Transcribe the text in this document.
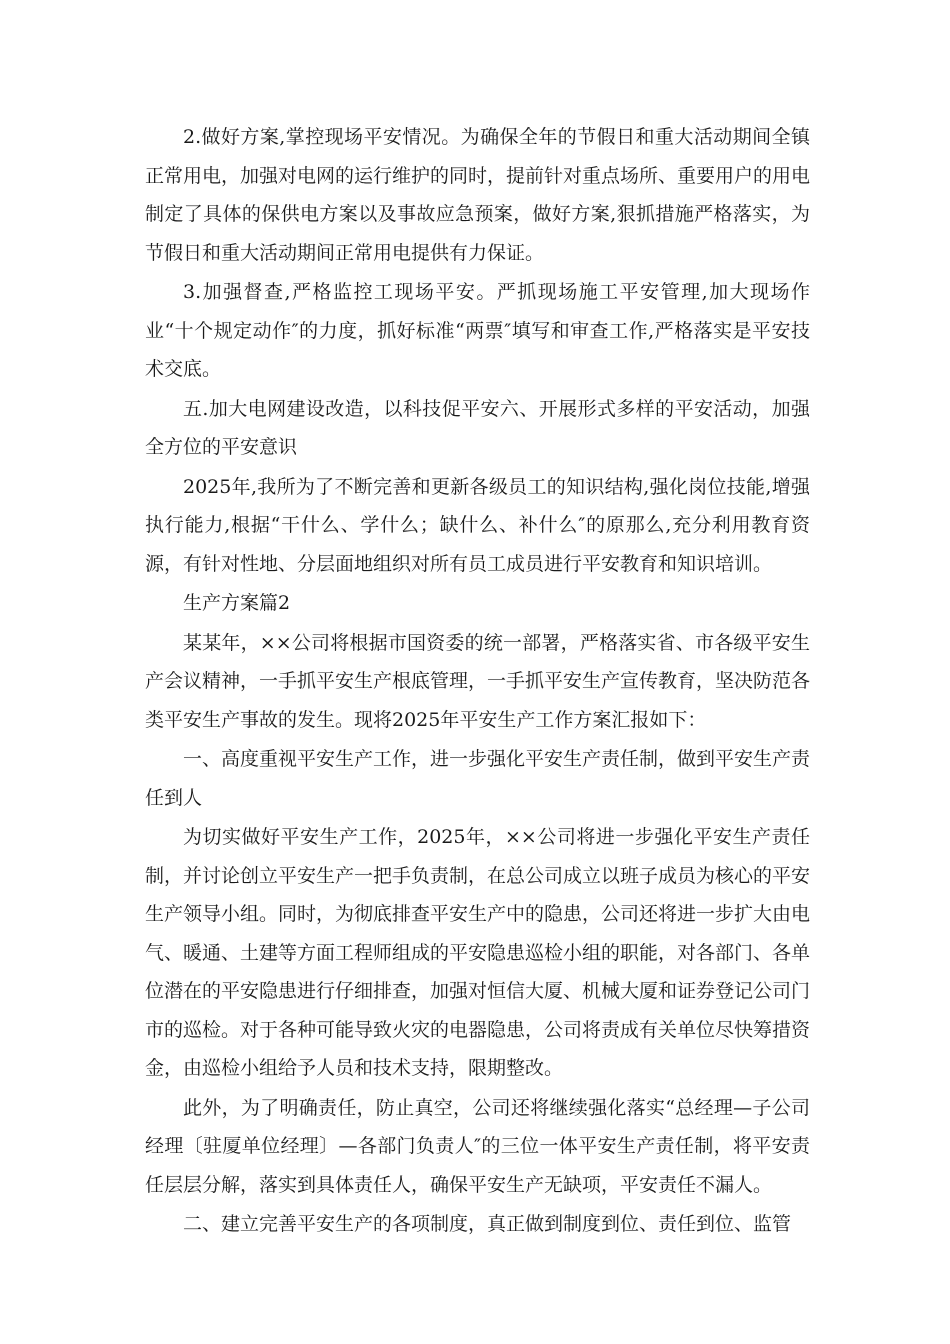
2.做好方案,掌控现场平安情况。为确保全年的节假日和重大活动期间全镇正常用电，加强对电网的运行维护的同时，提前针对重点场所、重要用户的用电制定了具体的保供电方案以及事故应急预案，做好方案,狠抓措施严格落实，为节假日和重大活动期间正常用电提供有力保证。

3.加强督查,严格监控工现场平安。严抓现场施工平安管理,加大现场作业“十个规定动作″的力度，抓好标准“两票″填写和审查工作,严格落实是平安技术交底。

五.加大电网建设改造，以科技促平安六、开展形式多样的平安活动，加强全方位的平安意识

2025年,我所为了不断完善和更新各级员工的知识结构,强化岗位技能,增强执行能力,根据“干什么、学什么；缺什么、补什么″的原那么,充分利用教育资源，有针对性地、分层面地组织对所有员工成员进行平安教育和知识培训。

生产方案篇2

某某年，××公司将根据市国资委的统一部署，严格落实省、市各级平安生产会议精神，一手抓平安生产根底管理，一手抓平安生产宣传教育，坚决防范各类平安生产事故的发生。现将2025年平安生产工作方案汇报如下：

一、高度重视平安生产工作，进一步强化平安生产责任制，做到平安生产责任到人

为切实做好平安生产工作，2025年，××公司将进一步强化平安生产责任制，并讨论创立平安生产一把手负责制，在总公司成立以班子成员为核心的平安生产领导小组。同时，为彻底排查平安生产中的隐患，公司还将进一步扩大由电气、暖通、土建等方面工程师组成的平安隐患巡检小组的职能，对各部门、各单位潜在的平安隐患进行仔细排查，加强对恒信大厦、机械大厦和证券登记公司门市的巡检。对于各种可能导致火灾的电器隐患，公司将责成有关单位尽快筹措资金，由巡检小组给予人员和技术支持，限期整改。

此外，为了明确责任，防止真空，公司还将继续强化落实“总经理—子公司经理〔驻厦单位经理〕—各部门负责人″的三位一体平安生产责任制，将平安责任层层分解，落实到具体责任人，确保平安生产无缺项，平安责任不漏人。

二、建立完善平安生产的各项制度，真正做到制度到位、责任到位、监管
